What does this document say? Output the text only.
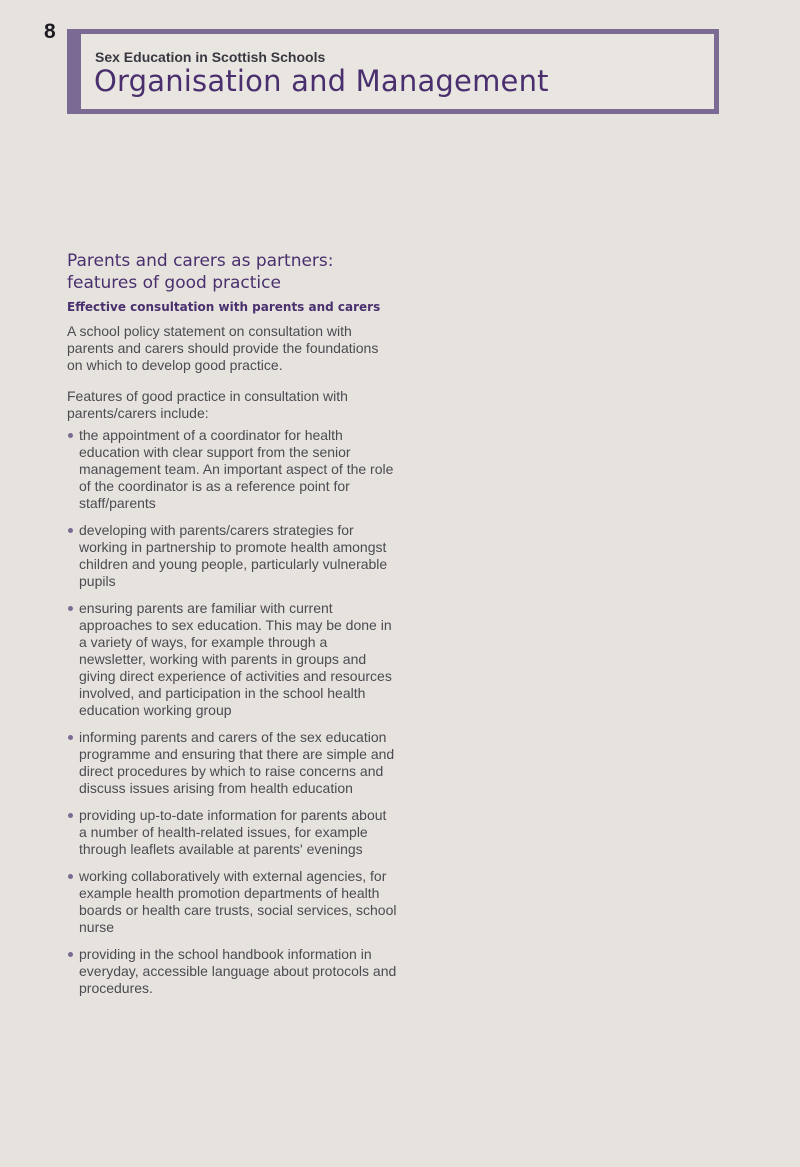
8
Sex Education in Scottish Schools
Organisation and Management
Parents and carers as partners:
features of good practice
Effective consultation with parents and carers

A school policy statement on consultation with parents and carers should provide the foundations on which to develop good practice.

Features of good practice in consultation with parents/carers include:

the appointment of a coordinator for health education with clear support from the senior management team. An important aspect of the role of the coordinator is as a reference point for staff/parents
developing with parents/carers strategies for working in partnership to promote health amongst children and young people, particularly vulnerable pupils
ensuring parents are familiar with current approaches to sex education. This may be done in a variety of ways, for example through a newsletter, working with parents in groups and giving direct experience of activities and resources involved, and participation in the school health education working group
informing parents and carers of the sex education programme and ensuring that there are simple and direct procedures by which to raise concerns and discuss issues arising from health education
providing up-to-date information for parents about a number of health-related issues, for example through leaflets available at parents' evenings
working collaboratively with external agencies, for example health promotion departments of health boards or health care trusts, social services, school nurse
providing in the school handbook information in everyday, accessible language about protocols and procedures.
